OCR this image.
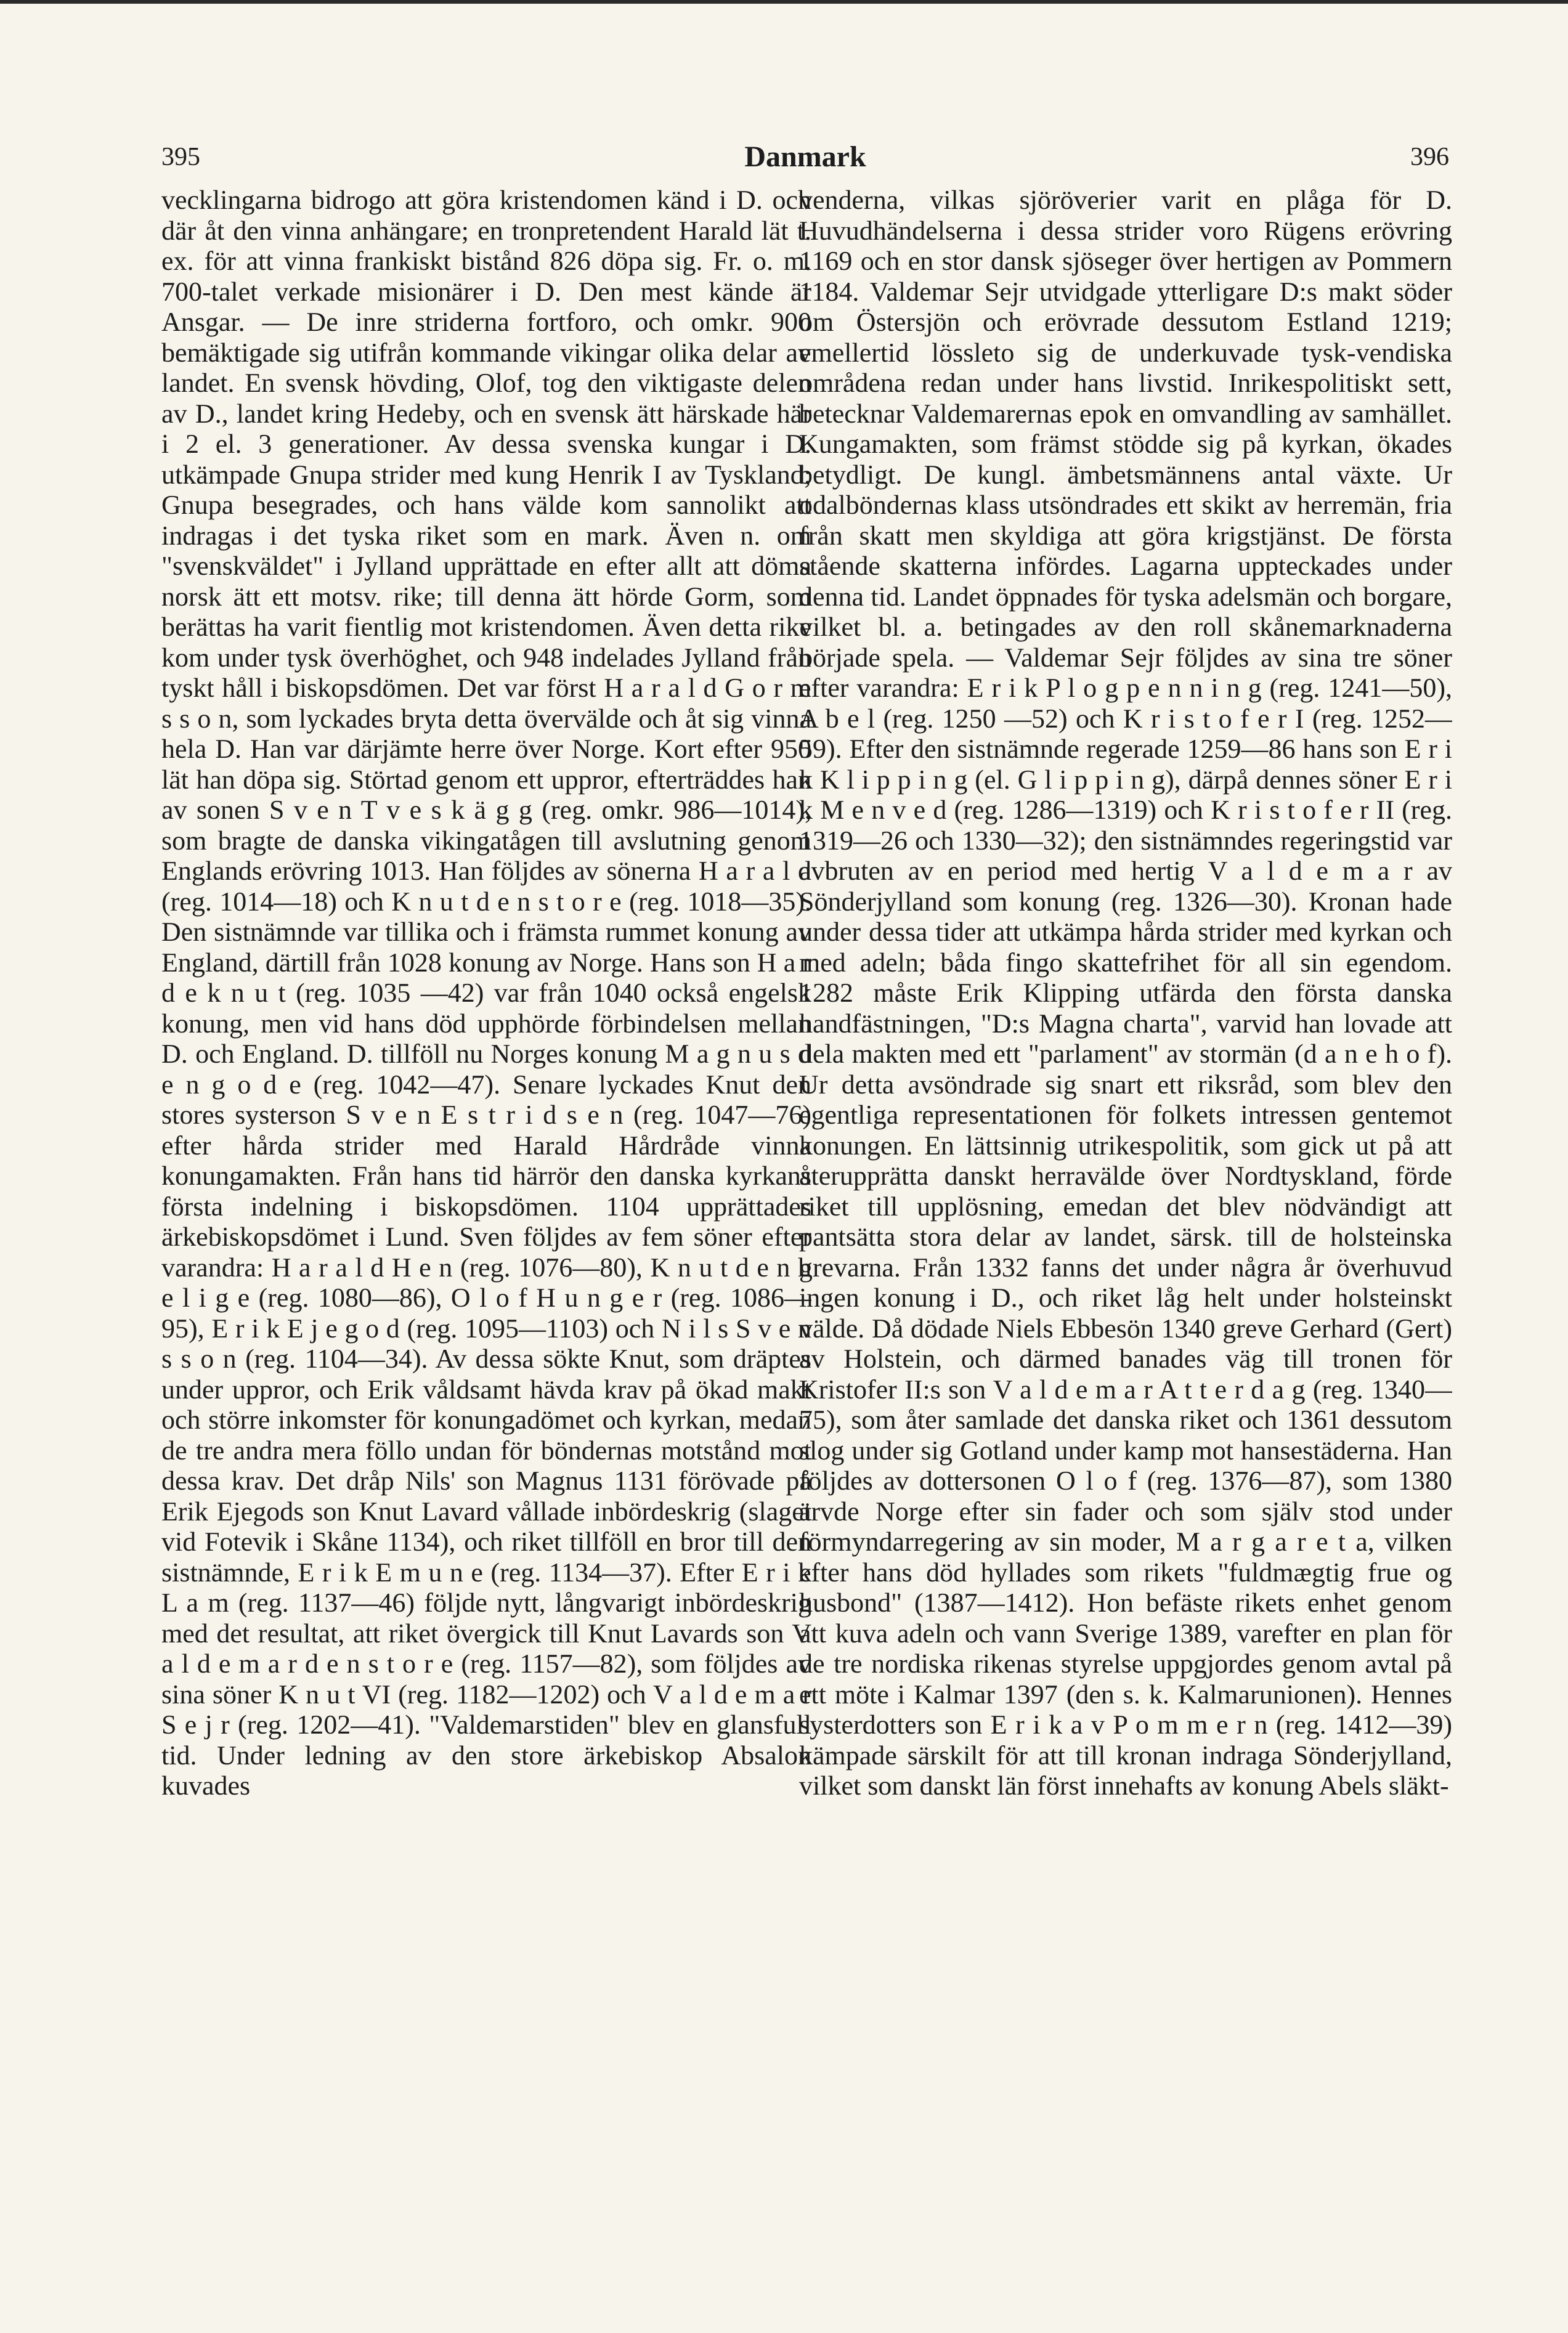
395	Danmark	396

vecklingarna bidrogo att göra kristendomen känd i D. och där åt den vinna anhängare; en tronpretendent Harald lät t. ex. för att vinna frankiskt bistånd 826 döpa sig. Fr. o. m. 700-talet verkade misionärer i D. Den mest kände är Ansgar. — De inre striderna fortforo, och omkr. 900 bemäktigade sig utifrån kommande vikingar olika delar av landet. En svensk hövding, Olof, tog den viktigaste delen av D., landet kring Hedeby, och en svensk ätt härskade här i 2 el. 3 generationer. Av dessa svenska kungar i D. utkämpade Gnupa strider med kung Henrik I av Tyskland; Gnupa besegrades, och hans välde kom sannolikt att indragas i det tyska riket som en mark. Även n. om "svenskväldet" i Jylland upprättade en efter allt att döma norsk ätt ett motsv. rike; till denna ätt hörde Gorm, som berättas ha varit fientlig mot kristendomen. Även detta rike kom under tysk överhöghet, och 948 indelades Jylland från tyskt håll i biskopsdömen. Det var först H a r a l d G o r m s s o n, som lyckades bryta detta övervälde och åt sig vinna hela D. Han var därjämte herre över Norge. Kort efter 950 lät han döpa sig. Störtad genom ett uppror, efterträddes han av sonen S v e n T v e s k ä g g (reg. omkr. 986—1014), som bragte de danska vikingatågen till avslutning genom Englands erövring 1013. Han följdes av sönerna H a r a l d (reg. 1014—18) och K n u t d e n s t o r e (reg. 1018—35). Den sistnämnde var tillika och i främsta rummet konung av England, därtill från 1028 konung av Norge. Hans son H a r d e k n u t (reg. 1035 —42) var från 1040 också engelsk konung, men vid hans död upphörde förbindelsen mellan D. och England. D. tillföll nu Norges konung M a g n u s d e n g o d e (reg. 1042—47). Senare lyckades Knut den stores systerson S v e n E s t r i d s e n (reg. 1047—76) efter hårda strider med Harald Hårdråde vinna konungamakten. Från hans tid härrör den danska kyrkans första indelning i biskopsdömen. 1104 upprättades ärkebiskopsdömet i Lund. Sven följdes av fem söner efter varandra: H a r a l d H e n (reg. 1076—80), K n u t d e n h e l i g e (reg. 1080—86), O l o f H u n g e r (reg. 1086—95), E r i k E j e g o d (reg. 1095—1103) och N i l s S v e n s s o n (reg. 1104—34). Av dessa sökte Knut, som dräptes under uppror, och Erik våldsamt hävda krav på ökad makt och större inkomster för konungadömet och kyrkan, medan de tre andra mera föllo undan för böndernas motstånd mot dessa krav. Det dråp Nils' son Magnus 1131 förövade på Erik Ejegods son Knut Lavard vållade inbördeskrig (slaget vid Fotevik i Skåne 1134), och riket tillföll en bror till den sistnämnde, E r i k E m u n e (reg. 1134—37). Efter E r i k L a m (reg. 1137—46) följde nytt, långvarigt inbördeskrig med det resultat, att riket övergick till Knut Lavards son V a l d e m a r d e n s t o r e (reg. 1157—82), som följdes av sina söner K n u t VI (reg. 1182—1202) och V a l d e m a r S e j r (reg. 1202—41). "Valdemarstiden" blev en glansfull tid. Under ledning av den store ärkebiskop Absalon kuvades

venderna, vilkas sjöröverier varit en plåga för D. Huvudhändelserna i dessa strider voro Rügens erövring 1169 och en stor dansk sjöseger över hertigen av Pommern 1184. Valdemar Sejr utvidgade ytterligare D:s makt söder om Östersjön och erövrade dessutom Estland 1219; emellertid lössleto sig de underkuvade tysk-vendiska områdena redan under hans livstid. Inrikespolitiskt sett, betecknar Valdemarernas epok en omvandling av samhället. Kungamakten, som främst stödde sig på kyrkan, ökades betydligt. De kungl. ämbetsmännens antal växte. Ur odalböndernas klass utsöndrades ett skikt av herremän, fria från skatt men skyldiga att göra krigstjänst. De första stående skatterna infördes. Lagarna uppteckades under denna tid. Landet öppnades för tyska adelsmän och borgare, vilket bl. a. betingades av den roll skånemarknaderna började spela. — Valdemar Sejr följdes av sina tre söner efter varandra: E r i k P l o g p e n n i n g (reg. 1241—50), A b e l (reg. 1250 —52) och K r i s t o f e r I (reg. 1252—59). Efter den sistnämnde regerade 1259—86 hans son E r i k K l i p p i n g (el. G l i p p i n g), därpå dennes söner E r i k M e n v e d (reg. 1286—1319) och K r i s t o f e r II (reg. 1319—26 och 1330—32); den sistnämndes regeringstid var avbruten av en period med hertig V a l d e m a r av Sönderjylland som konung (reg. 1326—30). Kronan hade under dessa tider att utkämpa hårda strider med kyrkan och med adeln; båda fingo skattefrihet för all sin egendom. 1282 måste Erik Klipping utfärda den första danska handfästningen, "D:s Magna charta", varvid han lovade att dela makten med ett "parlament" av stormän (d a n e h o f). Ur detta avsöndrade sig snart ett riksråd, som blev den egentliga representationen för folkets intressen gentemot konungen. En lättsinnig utrikespolitik, som gick ut på att återupprätta danskt herravälde över Nordtyskland, förde riket till upplösning, emedan det blev nödvändigt att pantsätta stora delar av landet, särsk. till de holsteinska grevarna. Från 1332 fanns det under några år överhuvud ingen konung i D., och riket låg helt under holsteinskt välde. Då dödade Niels Ebbesön 1340 greve Gerhard (Gert) av Holstein, och därmed banades väg till tronen för Kristofer II:s son V a l d e m a r A t t e r d a g (reg. 1340—75), som åter samlade det danska riket och 1361 dessutom slog under sig Gotland under kamp mot hansestäderna. Han följdes av dottersonen O l o f (reg. 1376—87), som 1380 ärvde Norge efter sin fader och som själv stod under förmyndarregering av sin moder, M a r g a r e t a, vilken efter hans död hyllades som rikets "fuldmægtig frue og husbond" (1387—1412). Hon befäste rikets enhet genom att kuva adeln och vann Sverige 1389, varefter en plan för de tre nordiska rikenas styrelse uppgjordes genom avtal på ett möte i Kalmar 1397 (den s. k. Kalmarunionen). Hennes systerdotters son E r i k a v P o m m e r n (reg. 1412—39) kämpade särskilt för att till kronan indraga Sönderjylland, vilket som danskt län först innehafts av konung Abels släkt-
